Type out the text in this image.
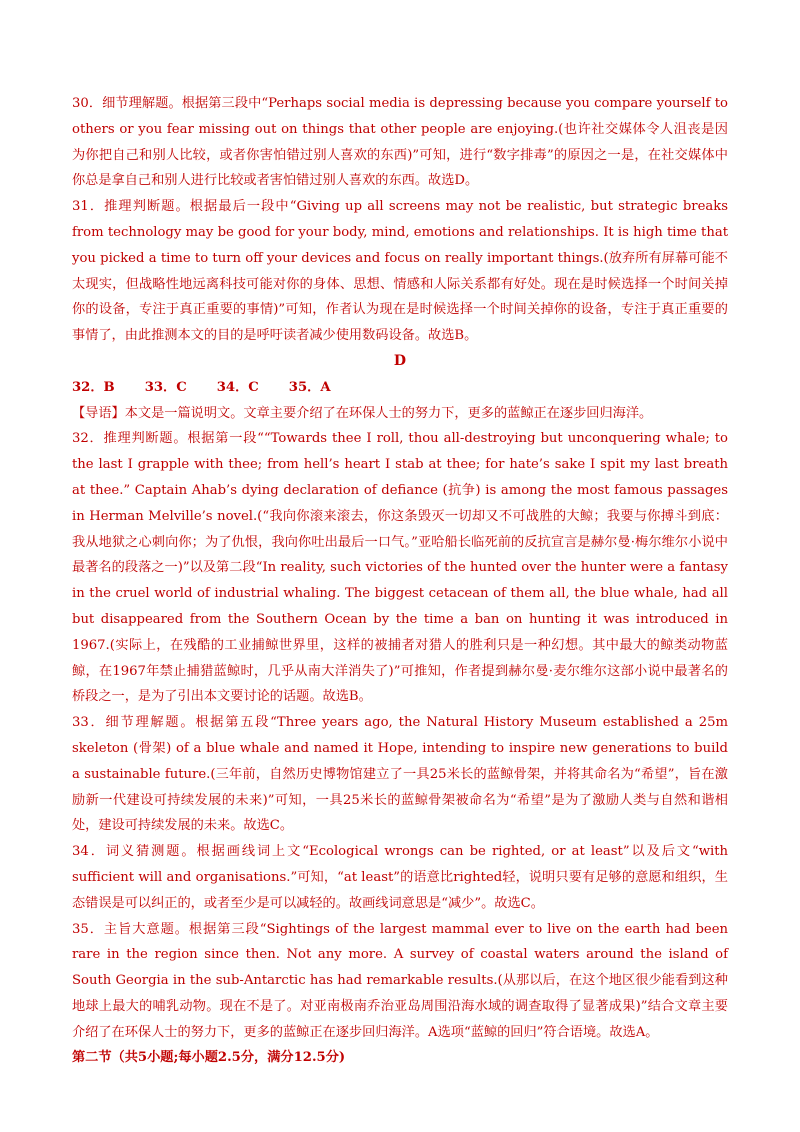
30．细节理解题。根据第三段中“Perhaps social media is depressing because you compare yourself to others or you fear missing out on things that other people are enjoying.(也许社交媒体令人沮丧是因为你把自己和别人比较，或者你害怕错过别人喜欢的东西)”可知，进行“数字排毒”的原因之一是，在社交媒体中你总是拿自己和别人进行比较或者害怕错过别人喜欢的东西。故选D。

31．推理判断题。根据最后一段中“Giving up all screens may not be realistic, but strategic breaks from technology may be good for your body, mind, emotions and relationships. It is high time that you picked a time to turn off your devices and focus on really important things.(放弃所有屏幕可能不太现实，但战略性地远离科技可能对你的身体、思想、情感和人际关系都有好处。现在是时候选择一个时间关掉你的设备，专注于真正重要的事情)”可知，作者认为现在是时候选择一个时间关掉你的设备，专注于真正重要的事情了，由此推测本文的目的是呼吁读者减少使用数码设备。故选B。

D

32．B 33．C 34．C 35．A

【导语】本文是一篇说明文。文章主要介绍了在环保人士的努力下，更多的蓝鲸正在逐步回归海洋。

32．推理判断题。根据第一段““Towards thee I roll, thou all-destroying but unconquering whale; to the last I grapple with thee; from hell’s heart I stab at thee; for hate’s sake I spit my last breath at thee.” Captain Ahab’s dying declaration of defiance (抗争) is among the most famous passages in Herman Melville’s novel.(“我向你滚来滚去，你这条毁灭一切却又不可战胜的大鲸；我要与你搏斗到底：我从地狱之心刺向你；为了仇恨，我向你吐出最后一口气。”亚哈船长临死前的反抗宣言是赫尔曼·梅尔维尔小说中最著名的段落之一)”以及第二段“In reality, such victories of the hunted over the hunter were a fantasy in the cruel world of industrial whaling. The biggest cetacean of them all, the blue whale, had all but disappeared from the Southern Ocean by the time a ban on hunting it was introduced in 1967.(实际上，在残酷的工业捕鲸世界里，这样的被捕者对猎人的胜利只是一种幻想。其中最大的鲸类动物蓝鲸，在1967年禁止捕猎蓝鲸时，几乎从南大洋消失了)”可推知，作者提到赫尔曼·麦尔维尔这部小说中最著名的桥段之一，是为了引出本文要讨论的话题。故选B。

33．细节理解题。根据第五段“Three years ago, the Natural History Museum established a 25m skeleton (骨架) of a blue whale and named it Hope, intending to inspire new generations to build a sustainable future.(三年前，自然历史博物馆建立了一具25米长的蓝鲸骨架，并将其命名为“希望”，旨在激励新一代建设可持续发展的未来)”可知，一具25米长的蓝鲸骨架被命名为“希望”是为了激励人类与自然和谐相处，建设可持续发展的未来。故选C。

34．词义猜测题。根据画线词上文“Ecological wrongs can be righted, or at least”以及后文“with sufficient will and organisations.”可知，“at least”的语意比righted轻，说明只要有足够的意愿和组织，生态错误是可以纠正的，或者至少是可以减轻的。故画线词意思是“减少”。故选C。

35．主旨大意题。根据第三段“Sightings of the largest mammal ever to live on the earth had been rare in the region since then. Not any more. A survey of coastal waters around the island of South Georgia in the sub-Antarctic has had remarkable results.(从那以后，在这个地区很少能看到这种地球上最大的哺乳动物。现在不是了。对亚南极南乔治亚岛周围沿海水域的调查取得了显著成果)”结合文章主要介绍了在环保人士的努力下，更多的蓝鲸正在逐步回归海洋。A选项“蓝鲸的回归”符合语境。故选A。

第二节（共5小题;每小题2.5分，满分12.5分)
